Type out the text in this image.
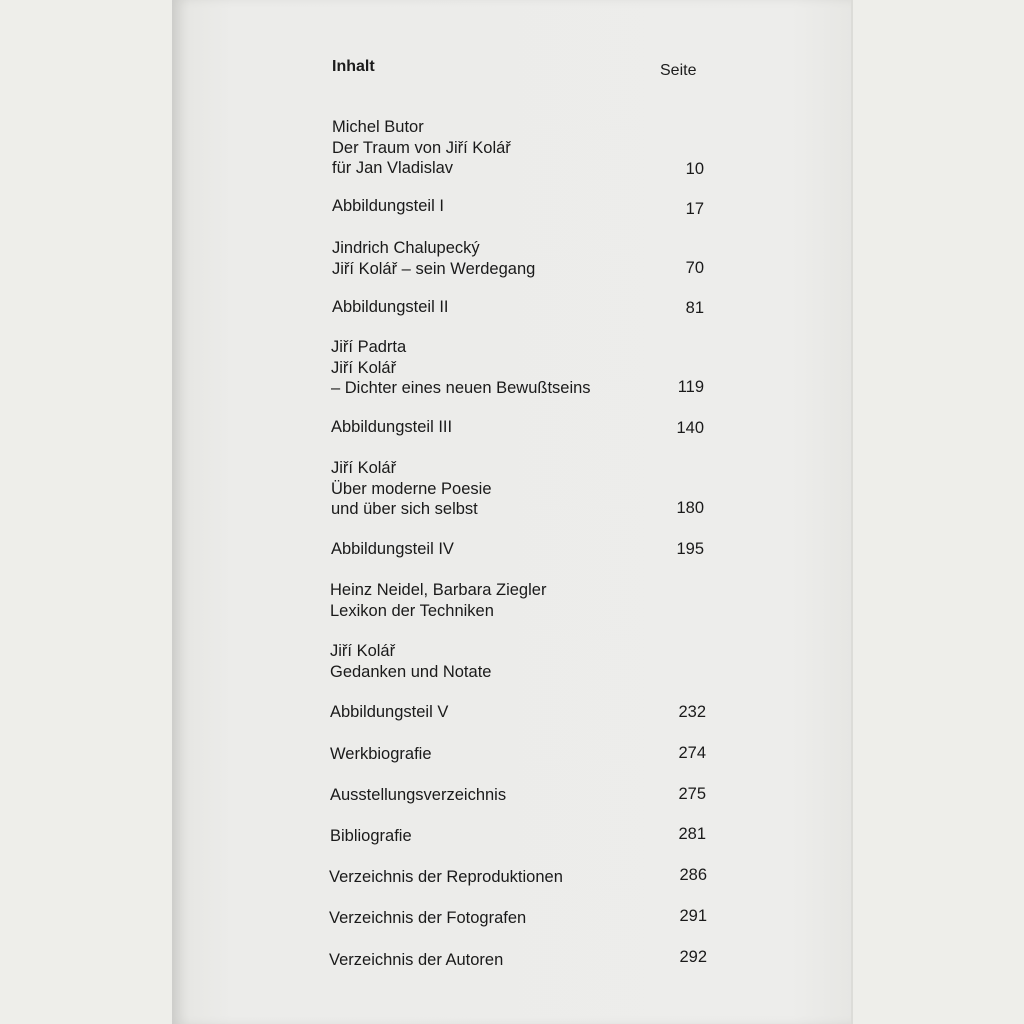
Inhalt	Seite
Michel Butor
Der Traum von Jiří Kolář
für Jan Vladislav	10
Abbildungsteil I	17
Jindrich Chalupecký
Jiří Kolář – sein Werdegang	70
Abbildungsteil II	81
Jiří Padrta
Jiří Kolář
– Dichter eines neuen Bewußtseins	119
Abbildungsteil III	140
Jiří Kolář
Über moderne Poesie
und über sich selbst	180
Abbildungsteil IV	195
Heinz Neidel, Barbara Ziegler
Lexikon der Techniken
Jiří Kolář
Gedanken und Notate
Abbildungsteil V	232
Werkbiografie	274
Ausstellungsverzeichnis	275
Bibliografie	281
Verzeichnis der Reproduktionen	286
Verzeichnis der Fotografen	291
Verzeichnis der Autoren	292
